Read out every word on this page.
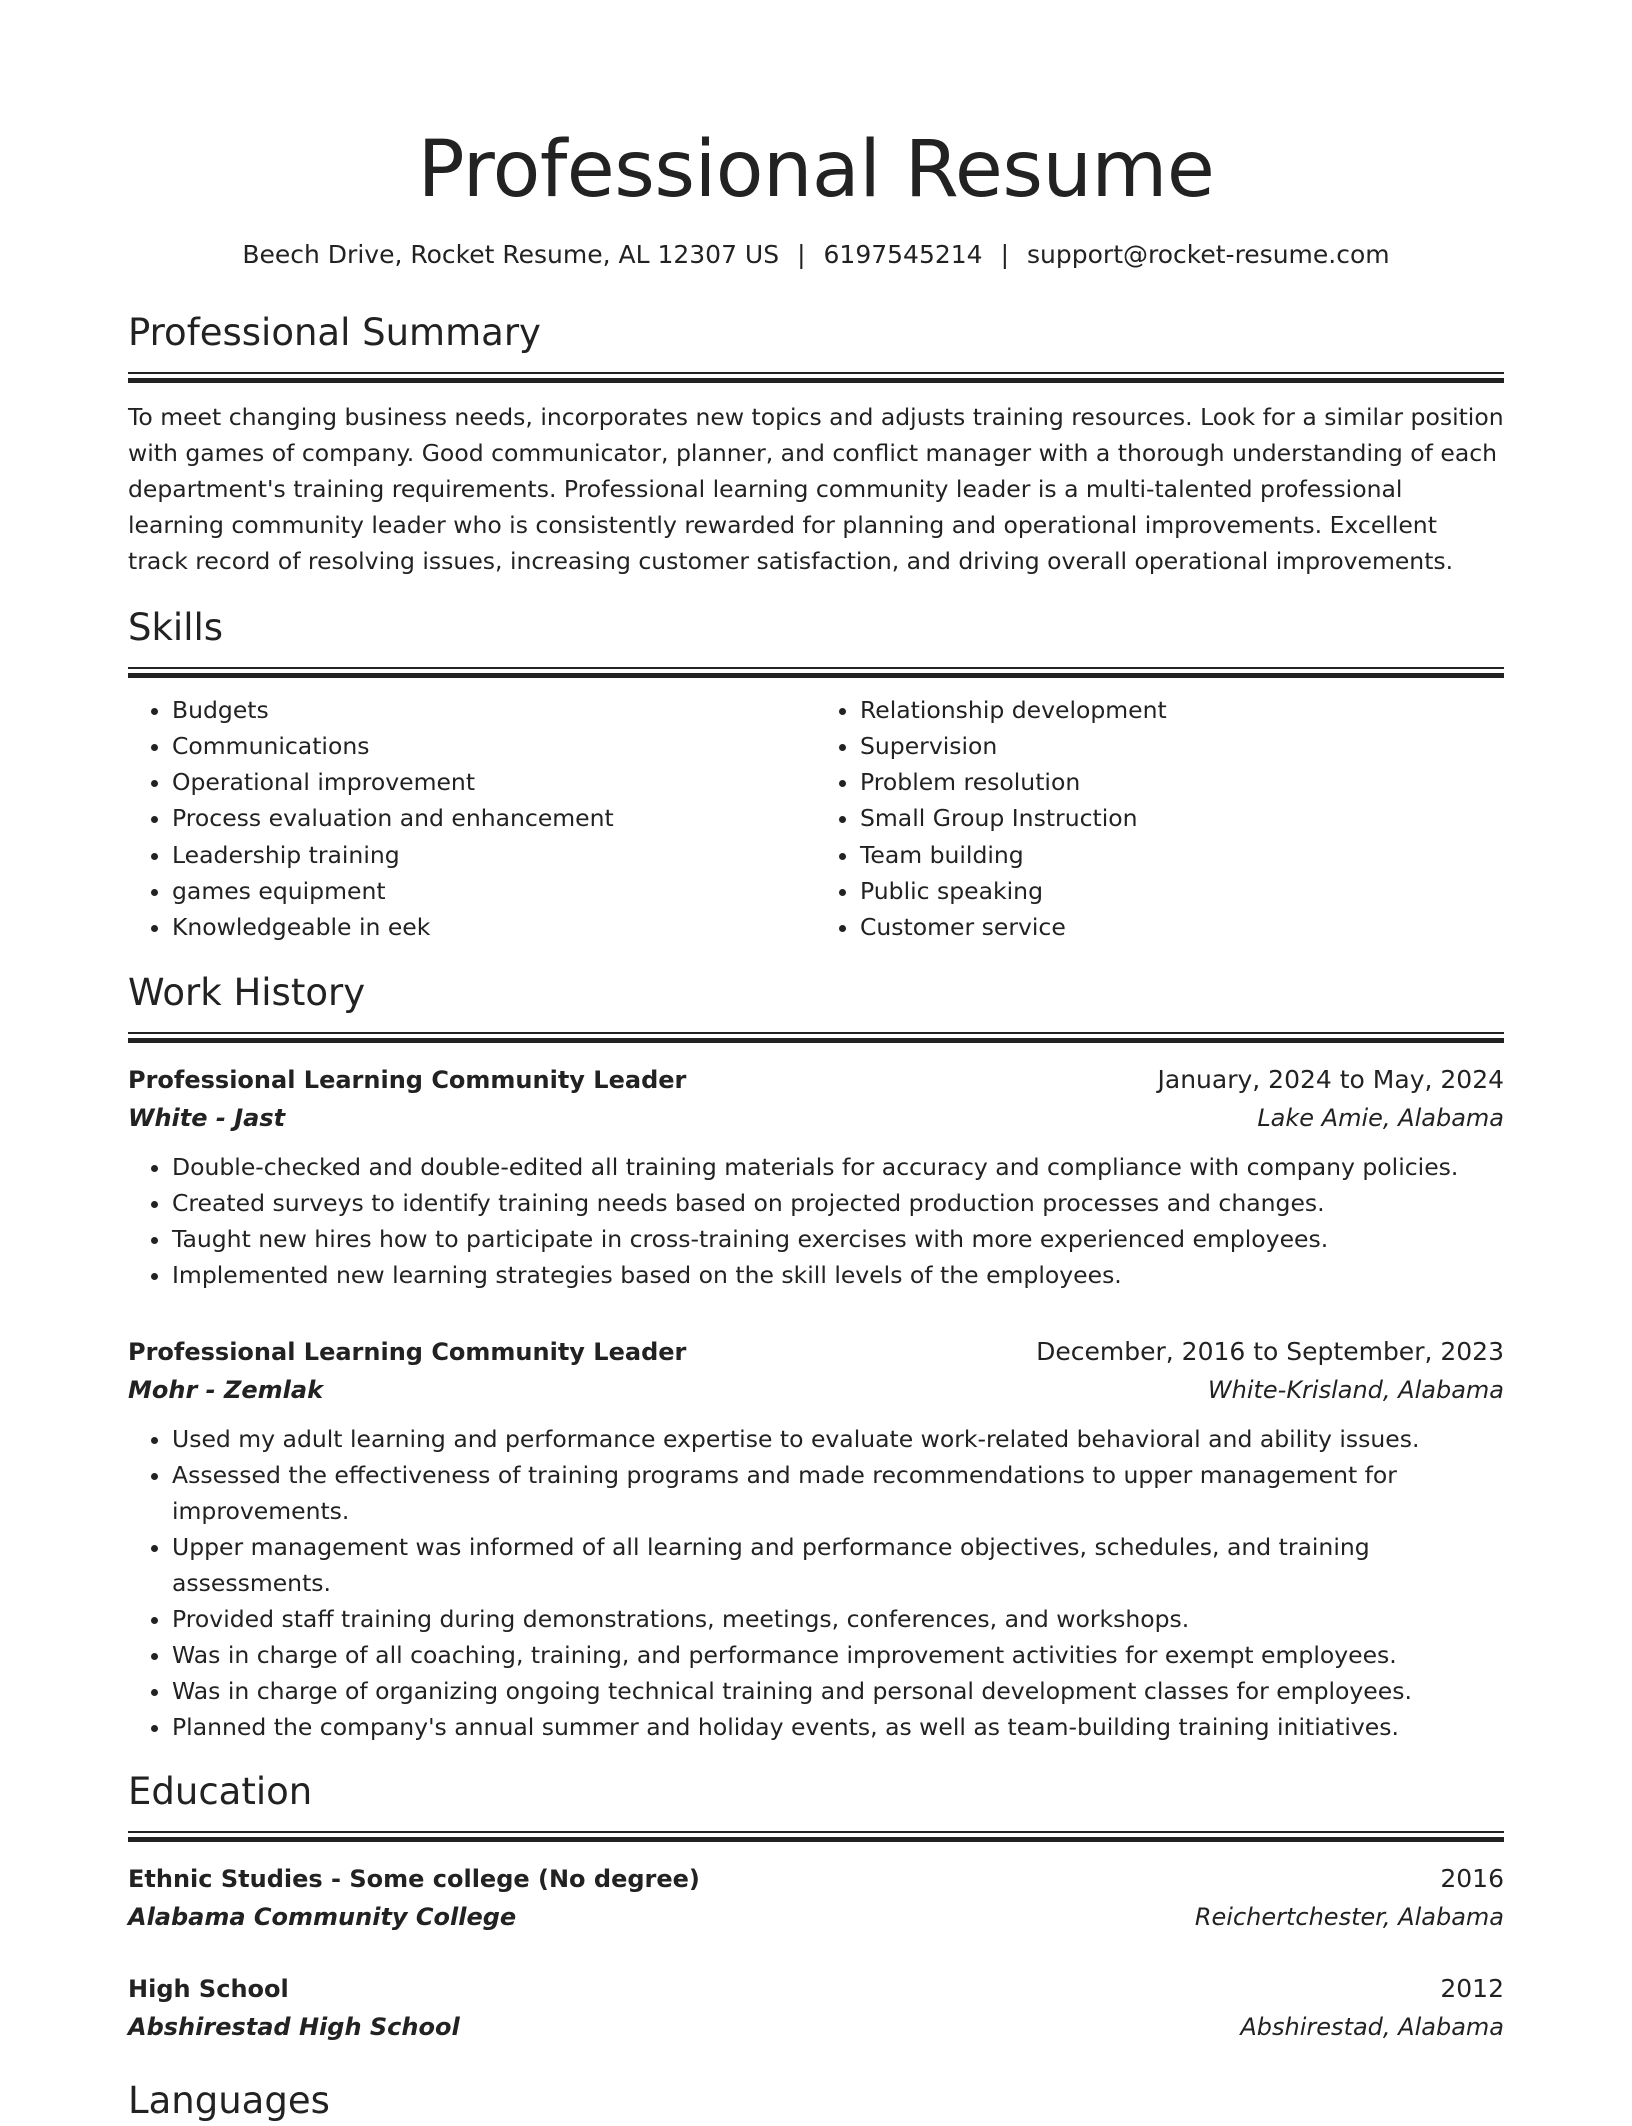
Professional Resume
Beech Drive, Rocket Resume, AL 12307 US | 6197545214 | support@rocket-resume.com
Professional Summary

To meet changing business needs, incorporates new topics and adjusts training resources. Look for a similar position with games of company. Good communicator, planner, and conflict manager with a thorough understanding of each department's training requirements. Professional learning community leader is a multi-talented professional learning community leader who is consistently rewarded for planning and operational improvements. Excellent track record of resolving issues, increasing customer satisfaction, and driving overall operational improvements.

Skills
• Budgets
• Communications
• Operational improvement
• Process evaluation and enhancement
• Leadership training
• games equipment
• Knowledgeable in eek
• Relationship development
• Supervision
• Problem resolution
• Small Group Instruction
• Team building
• Public speaking
• Customer service
Work History
Professional Learning Community Leader	January, 2024 to May, 2024
White - Jast	Lake Amie, Alabama
• Double-checked and double-edited all training materials for accuracy and compliance with company policies.
• Created surveys to identify training needs based on projected production processes and changes.
• Taught new hires how to participate in cross-training exercises with more experienced employees.
• Implemented new learning strategies based on the skill levels of the employees.
Professional Learning Community Leader	December, 2016 to September, 2023
Mohr - Zemlak	White-Krisland, Alabama
• Used my adult learning and performance expertise to evaluate work-related behavioral and ability issues.
• Assessed the effectiveness of training programs and made recommendations to upper management for improvements.
• Upper management was informed of all learning and performance objectives, schedules, and training assessments.
• Provided staff training during demonstrations, meetings, conferences, and workshops.
• Was in charge of all coaching, training, and performance improvement activities for exempt employees.
• Was in charge of organizing ongoing technical training and personal development classes for employees.
• Planned the company's annual summer and holiday events, as well as team-building training initiatives.
Education
Ethnic Studies - Some college (No degree)	2016
Alabama Community College	Reichertchester, Alabama
High School	2012
Abshirestad High School	Abshirestad, Alabama
Languages
